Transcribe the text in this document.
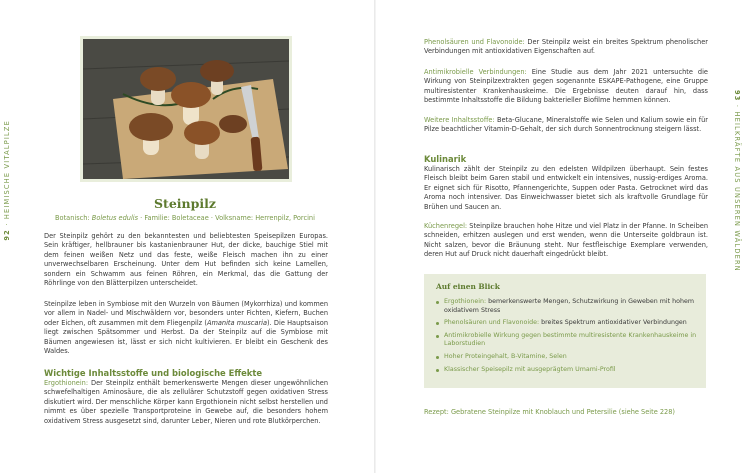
92 · HEIMISCHE VITALPILZE
93 · HEILKRÄFTE AUS UNSEREN WÄLDERN
Steinpilz
Botanisch: Boletus edulis · Familie: Boletaceae · Volksname: Herrenpilz, Porcini

Der Steinpilz gehört zu den bekanntesten und beliebtesten Speisepilzen Europas. Sein kräftiger, hellbrauner bis kastanienbrauner Hut, der dicke, bauchige Stiel mit dem feinen weißen Netz und das feste, weiße Fleisch machen ihn zu einer unverwechselbaren Erscheinung. Unter dem Hut befinden sich keine Lamellen, sondern ein Schwamm aus feinen Röhren, ein Merkmal, das die Gattung der Röhrlinge von den Blätterpilzen unterscheidet.

Steinpilze leben in Symbiose mit den Wurzeln von Bäumen (Mykorrhiza) und kommen vor allem in Nadel- und Mischwäldern vor, besonders unter Fichten, Kiefern, Buchen oder Eichen, oft zusammen mit dem Fliegenpilz (Amanita muscaria). Die Hauptsaison liegt zwischen Spätsommer und Herbst. Da der Steinpilz auf die Symbiose mit Bäumen angewiesen ist, lässt er sich nicht kultivieren. Er bleibt ein Geschenk des Waldes.

Wichtige Inhaltsstoffe und biologische Effekte

Ergothionein: Der Steinpilz enthält bemerkenswerte Mengen dieser ungewöhnlichen schwefelhaltigen Aminosäure, die als zellulärer Schutzstoff gegen oxidativen Stress diskutiert wird. Der menschliche Körper kann Ergothionein nicht selbst herstellen und nimmt es über spezielle Transportproteine in Gewebe auf, die besonders hohem oxidativem Stress ausgesetzt sind, darunter Leber, Nieren und rote Blutkörperchen.

Phenolsäuren und Flavonoide: Der Steinpilz weist ein breites Spektrum phenolischer Verbindungen mit antioxidativen Eigenschaften auf.

Antimikrobielle Verbindungen: Eine Studie aus dem Jahr 2021 untersuchte die Wirkung von Steinpilzextrakten gegen sogenannte ESKAPE-Pathogene, eine Gruppe multiresistenter Krankenhauskeime. Die Ergebnisse deuten darauf hin, dass bestimmte Inhaltsstoffe die Bildung bakterieller Biofilme hemmen können.

Weitere Inhaltsstoffe: Beta-Glucane, Mineralstoffe wie Selen und Kalium sowie ein für Pilze beachtlicher Vitamin-D-Gehalt, der sich durch Sonnentrocknung steigern lässt.

Kulinarik

Kulinarisch zählt der Steinpilz zu den edelsten Wildpilzen überhaupt. Sein festes Fleisch bleibt beim Garen stabil und entwickelt ein intensives, nussig-erdiges Aroma. Er eignet sich für Risotto, Pfannengerichte, Suppen oder Pasta. Getrocknet wird das Aroma noch intensiver. Das Einweichwasser bietet sich als kraftvolle Grundlage für Brühen und Saucen an.

Küchenregel: Steinpilze brauchen hohe Hitze und viel Platz in der Pfanne. In Scheiben schneiden, erhitzen auslegen und erst wenden, wenn die Unterseite goldbraun ist. Nicht salzen, bevor die Bräunung steht. Nur festfleischige Exemplare verwenden, deren Hut auf Druck nicht dauerhaft eingedrückt bleibt.

Auf einen Blick
Ergothionein: bemerkenswerte Mengen, Schutzwirkung in Geweben mit hohem oxidativem Stress
Phenolsäuren und Flavonoide: breites Spektrum antioxidativer Verbindungen
Antimikrobielle Wirkung gegen bestimmte multiresistente Krankenhauskeime in Laborstudien
Hoher Proteingehalt, B-Vitamine, Selen
Klassischer Speisepilz mit ausgeprägtem Umami-Profil

Rezept: Gebratene Steinpilze mit Knoblauch und Petersilie (siehe Seite 228)
